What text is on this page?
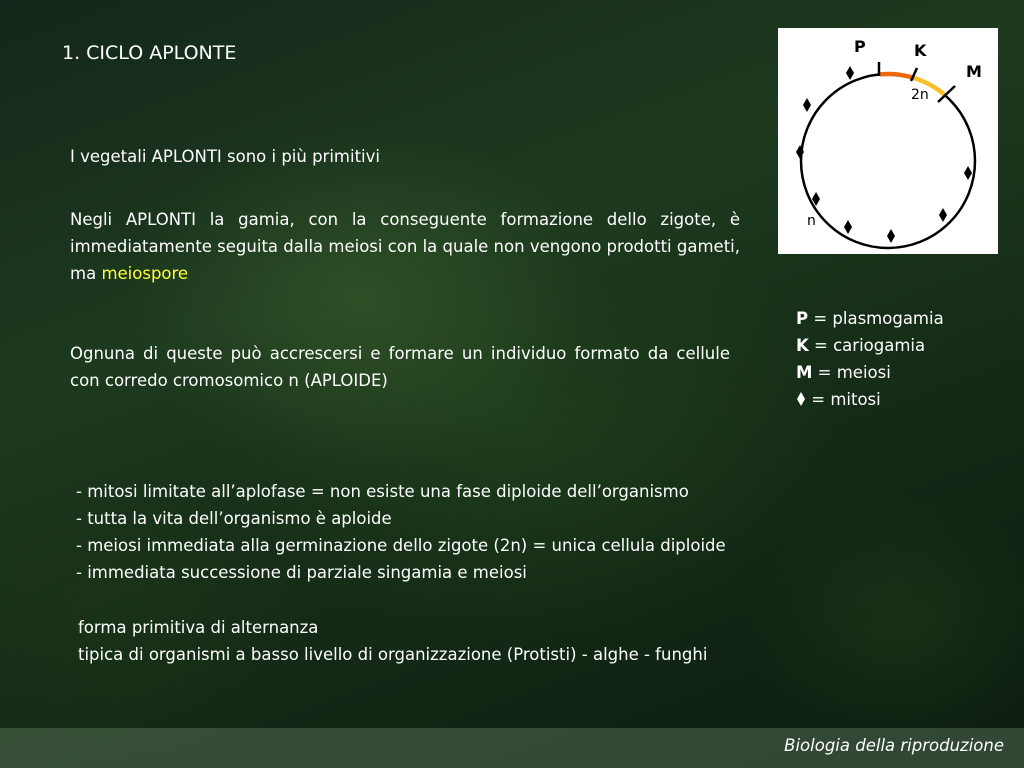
1. CICLO APLONTE
I vegetali APLONTI sono i più primitivi
Negli APLONTI la gamia, con la conseguente formazione dello zigote, è immediatamente seguita dalla meiosi con la quale non vengono prodotti gameti, ma meiospore
Ognuna di queste può accrescersi e formare un individuo formato da cellule con corredo cromosomico n (APLOIDE)
- mitosi limitate all’aplofase = non esiste una fase diploide dell’organismo
- tutta la vita dell’organismo è aploide
- meiosi immediata alla germinazione dello zigote (2n) = unica cellula diploide
- immediata successione di parziale singamia e meiosi
forma primitiva di alternanza
tipica di organismi a basso livello di organizzazione (Protisti) - alghe - funghi
P = plasmogamia
K = cariogamia
M = meiosi
= mitosi
P	K
M
2n
n
Biologia della riproduzione
